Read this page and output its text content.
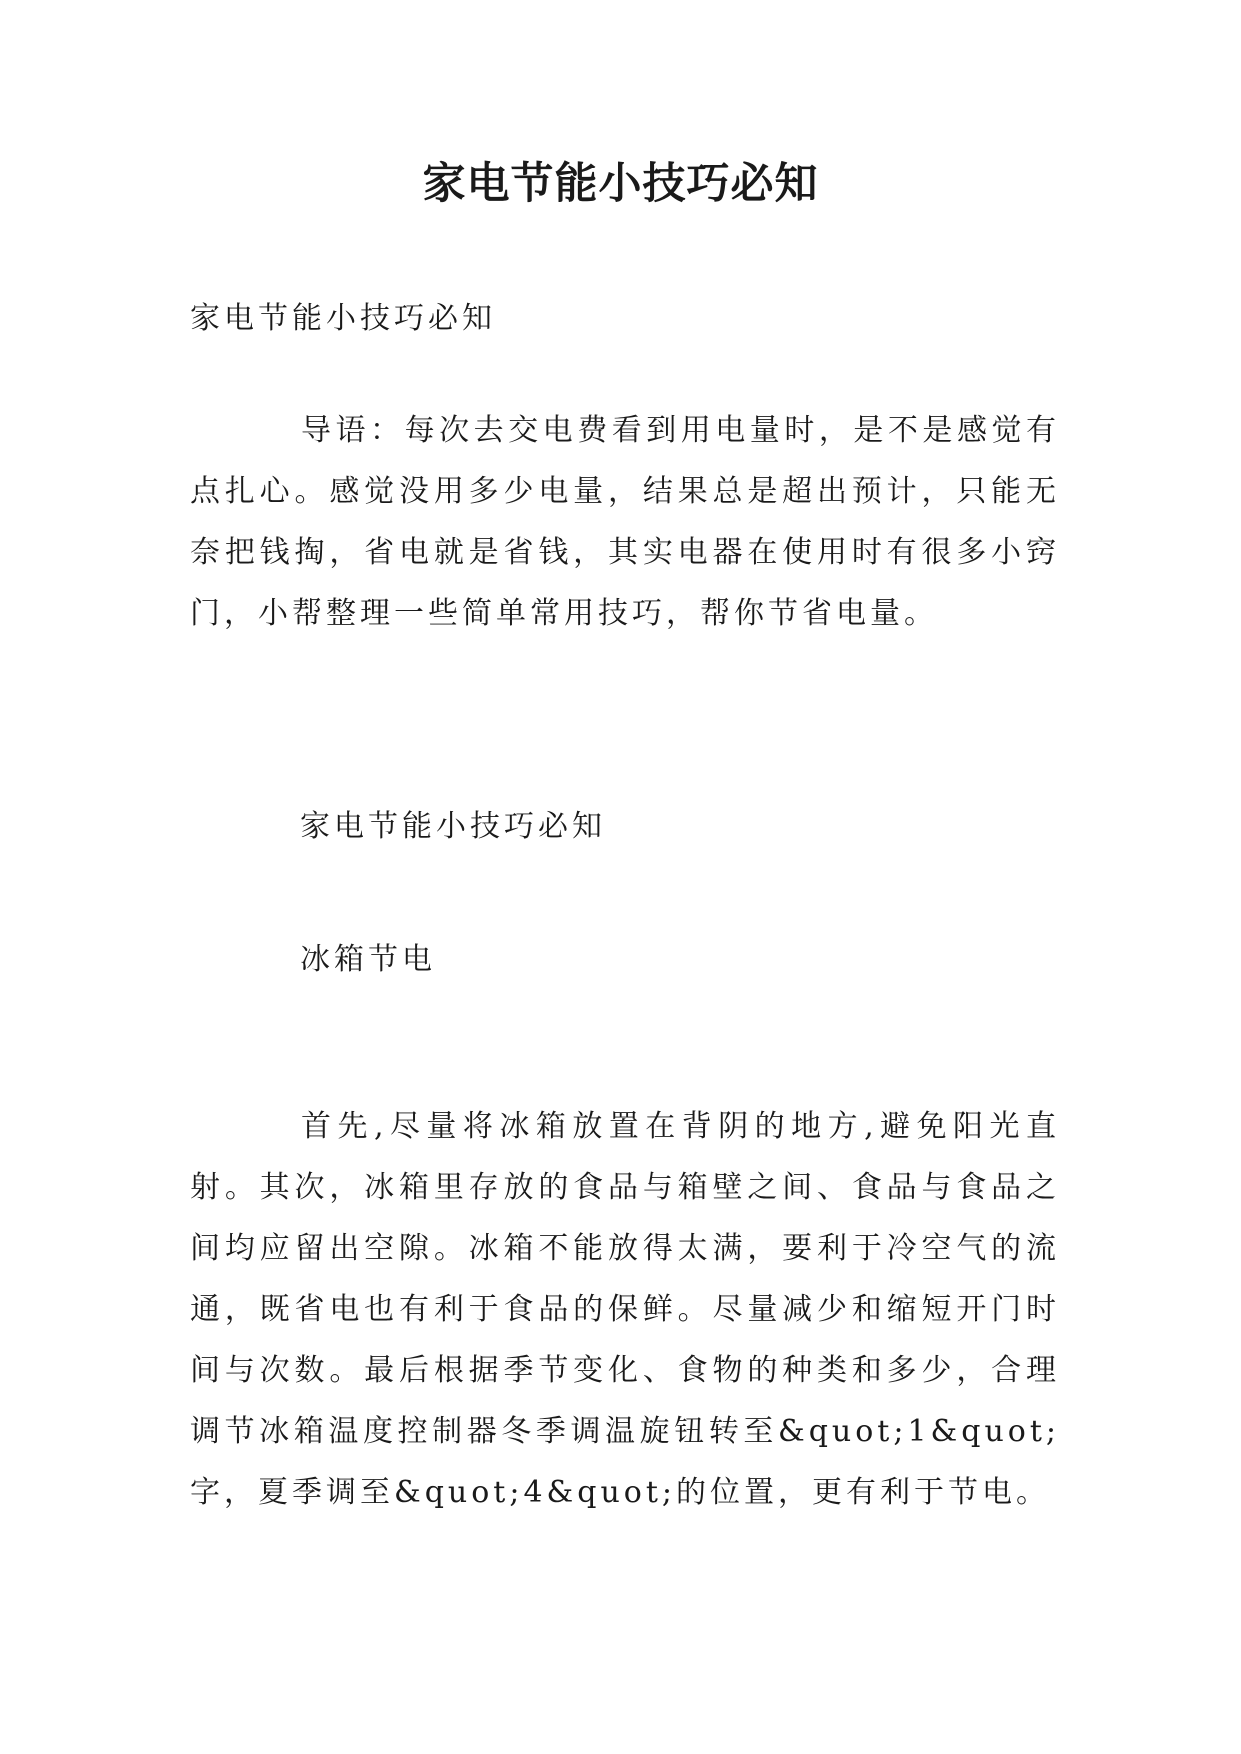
家电节能小技巧必知

家电节能小技巧必知

导语：每次去交电费看到用电量时，是不是感觉有点扎心。感觉没用多少电量，结果总是超出预计，只能无奈把钱掏，省电就是省钱，其实电器在使用时有很多小窍门，小帮整理一些简单常用技巧，帮你节省电量。

家电节能小技巧必知

冰箱节电

首先,尽量将冰箱放置在背阴的地方,避免阳光直射。其次，冰箱里存放的食品与箱壁之间、食品与食品之间均应留出空隙。冰箱不能放得太满，要利于冷空气的流通，既省电也有利于食品的保鲜。尽量减少和缩短开门时间与次数。最后根据季节变化、食物的种类和多少，合理调节冰箱温度控制器冬季调温旋钮转至&quot;1&quot;字，夏季调至&quot;4&quot;的位置，更有利于节电。
